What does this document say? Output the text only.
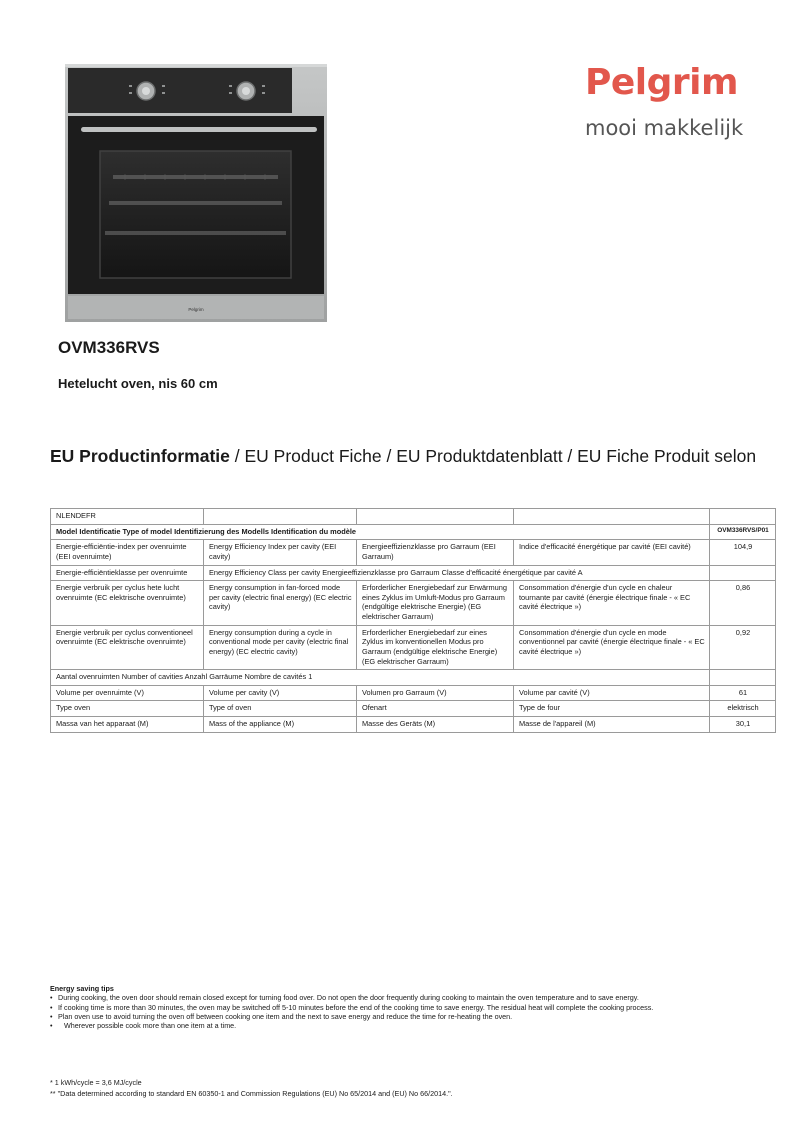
Pelgrim
Pelgrim
mooi makkelijk
OVM336RVS
Hetelucht oven, nis 60 cm
EU Productinformatie / EU Product Fiche / EU Produktdatenblatt / EU Fiche Produit selon
NLENDEFR				
Model Identificatie Type of model Identifizierung des Modells Identification du modèle				OVM336RVS/P01
Energie-efficiëntie-index per ovenruimte (EEI ovenruimte)	Energy Efficiency Index per cavity (EEI cavity)	Energieeffizienzklasse pro Garraum (EEI Garraum)	Indice d'efficacité énergétique par cavité (EEI cavité)	104,9
Energie-efficiëntieklasse per ovenruimte	Energy Efficiency Class per cavity Energieeffizienzklasse pro Garraum Classe d'efficacité énergétique par cavité A			
Energie verbruik per cyclus hete lucht ovenruimte (EC elektrische ovenruimte)	Energy consumption in fan-forced mode per cavity (electric final energy) (EC electric cavity)	Erforderlicher Energiebedarf zur Erwärmung eines Zyklus im Umluft-Modus pro Garraum (endgültige elektrische Energie) (EG elektrischer Garraum)	Consommation d'énergie d'un cycle en chaleur tournante par cavité (énergie électrique finale - « EC cavité électrique »)	0,86
Energie verbruik per cyclus conventioneel ovenruimte (EC elektrische ovenruimte)	Energy consumption during a cycle in conventional mode per cavity (electric final energy) (EC electric cavity)	Erforderlicher Energiebedarf zur eines Zyklus im konventionellen Modus pro Garraum (endgültige elektrische Energie) (EG elektrischer Garraum)	Consommation d'énergie d'un cycle en mode conventionnel par cavité (énergie électrique finale - « EC cavité électrique »)	0,92
Aantal ovenruimten Number of cavities Anzahl Garräume Nombre de cavités 1				
Volume per ovenruimte (V)	Volume per cavity (V)	Volumen pro Garraum (V)	Volume par cavité (V)	61
Type oven	Type of oven	Ofenart	Type de four	elektrisch
Massa van het apparaat (M)	Mass of the appliance (M)	Masse des Geräts (M)	Masse de l'appareil (M)	30,1
Energy saving tips
• During cooking, the oven door should remain closed except for turning food over. Do not open the door frequently during cooking to maintain the oven temperature and to save energy.
• If cooking time is more than 30 minutes, the oven may be switched off 5-10 minutes before the end of the cooking time to save energy. The residual heat will complete the cooking process.
• Plan oven use to avoid turning the oven off between cooking one item and the next to save energy and reduce the time for re-heating the oven.
• Wherever possible cook more than one item at a time.
* 1 kWh/cycle = 3,6 MJ/cycle
** "Data determined according to standard EN 60350-1 and Commission Regulations (EU) No 65/2014 and (EU) No 66/2014.".
